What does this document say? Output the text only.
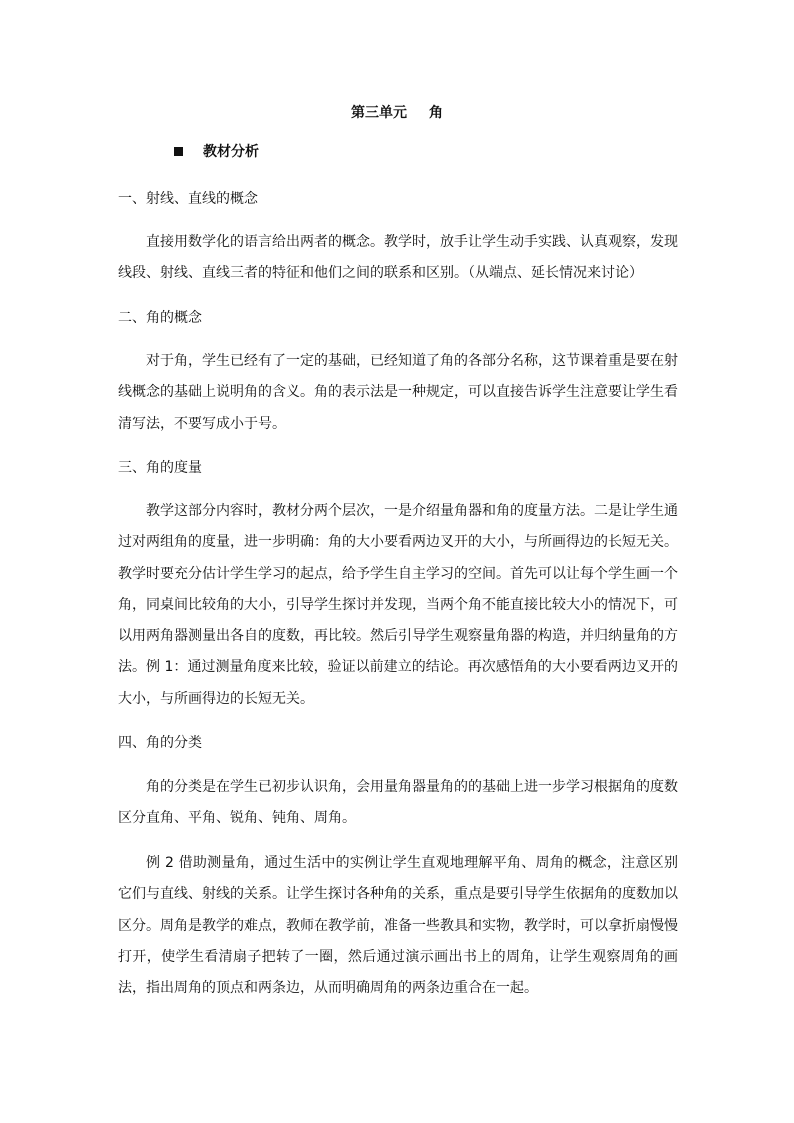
第三单元 角
教材分析
一、射线、直线的概念

直接用数学化的语言给出两者的概念。教学时，放手让学生动手实践、认真观察，发现线段、射线、直线三者的特征和他们之间的联系和区别。（从端点、延长情况来讨论）

二、角的概念

对于角，学生已经有了一定的基础，已经知道了角的各部分名称，这节课着重是要在射线概念的基础上说明角的含义。角的表示法是一种规定，可以直接告诉学生注意要让学生看清写法，不要写成小于号。

三、角的度量

教学这部分内容时，教材分两个层次，一是介绍量角器和角的度量方法。二是让学生通过对两组角的度量，进一步明确：角的大小要看两边叉开的大小，与所画得边的长短无关。教学时要充分估计学生学习的起点，给予学生自主学习的空间。首先可以让每个学生画一个角，同桌间比较角的大小，引导学生探讨并发现，当两个角不能直接比较大小的情况下，可以用两角器测量出各自的度数，再比较。然后引导学生观察量角器的构造，并归纳量角的方法。例 1：通过测量角度来比较，验证以前建立的结论。再次感悟角的大小要看两边叉开的大小，与所画得边的长短无关。

四、角的分类

角的分类是在学生已初步认识角，会用量角器量角的的基础上进一步学习根据角的度数区分直角、平角、锐角、钝角、周角。

例 2 借助测量角，通过生活中的实例让学生直观地理解平角、周角的概念，注意区别它们与直线、射线的关系。让学生探讨各种角的关系，重点是要引导学生依据角的度数加以区分。周角是教学的难点，教师在教学前，准备一些教具和实物，教学时，可以拿折扇慢慢打开，使学生看清扇子把转了一圈，然后通过演示画出书上的周角，让学生观察周角的画法，指出周角的顶点和两条边，从而明确周角的两条边重合在一起。
